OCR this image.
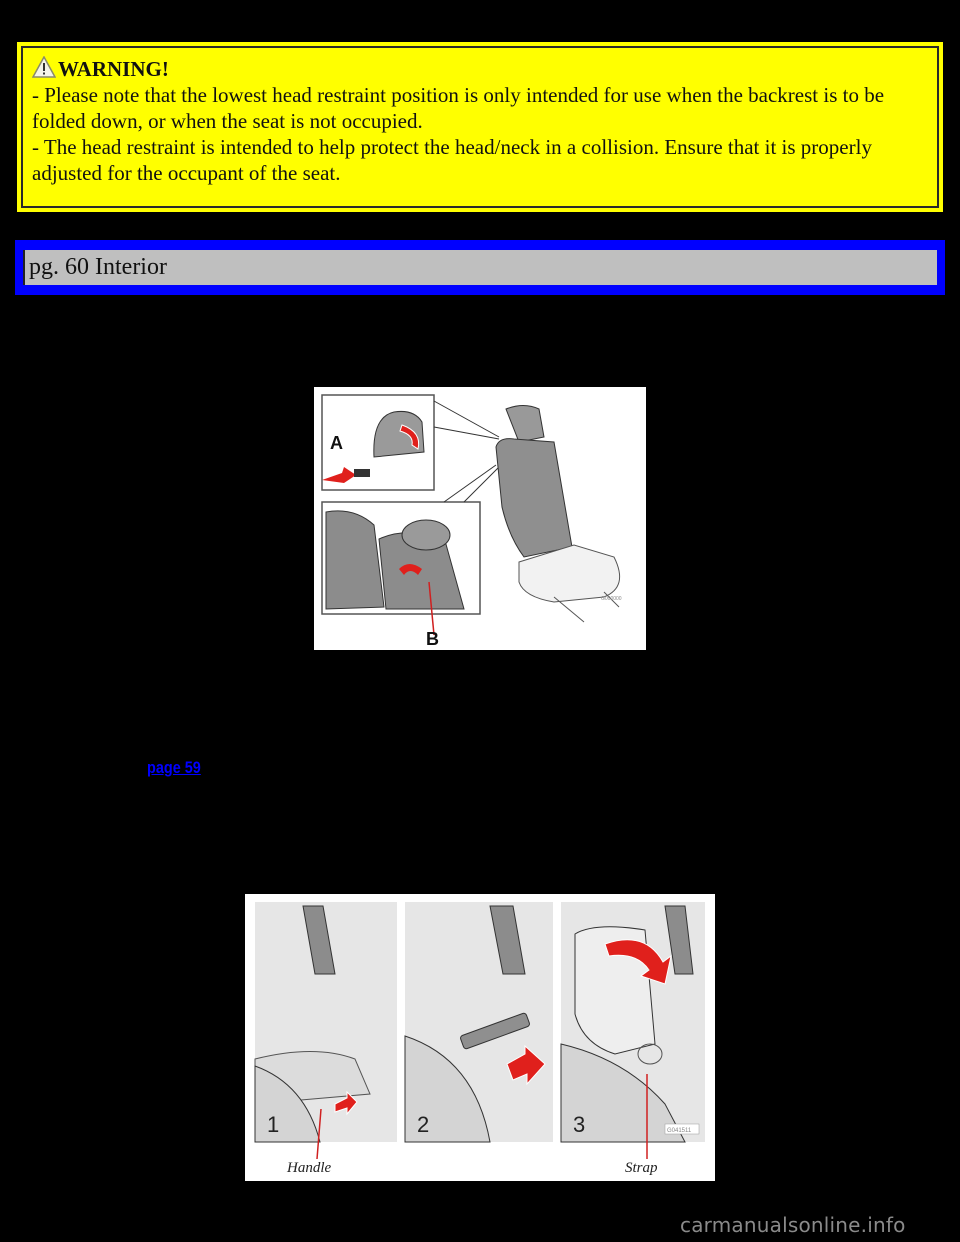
WARNING!
- Please note that the lowest head restraint position is only intended for use when the backrest is to be
folded down, or when the seat is not occupied.
- The head restraint is intended to help protect the head/neck in a collision. Ensure that it is properly
adjusted for the occupant of the seat.
pg. 60 Interior
A
B
G000000
page 59
1	2	G041511
3
Handle	Strap
carmanualsonline.info
